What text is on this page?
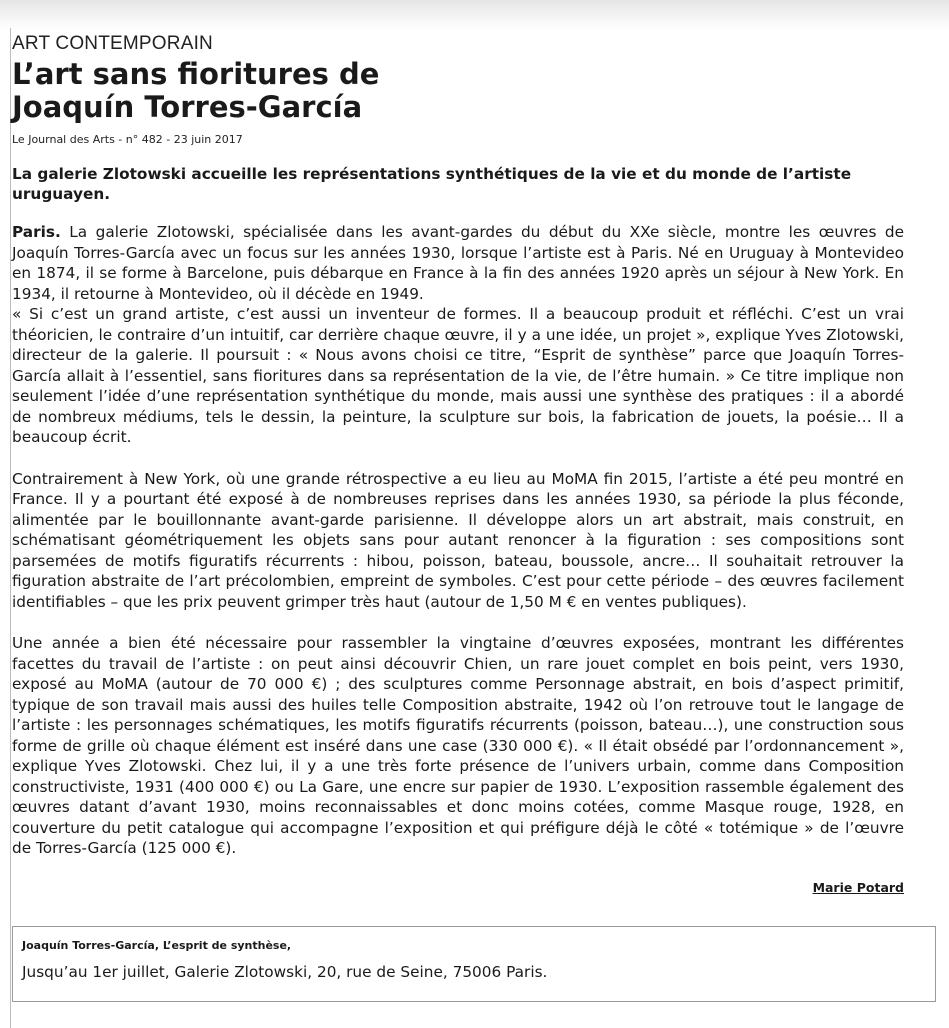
ART CONTEMPORAIN
L’art sans fioritures de
Joaquín Torres-García
Le Journal des Arts - n° 482 - 23 juin 2017
La galerie Zlotowski accueille les représentations synthétiques de la vie et du monde de l’artiste uruguayen.

Paris. La galerie Zlotowski, spécialisée dans les avant-gardes du début du XXe siècle, montre les œuvres de Joaquín Torres-García avec un focus sur les années 1930, lorsque l’artiste est à Paris. Né en Uruguay à Montevideo en 1874, il se forme à Barcelone, puis débarque en France à la fin des années 1920 après un séjour à New York. En 1934, il retourne à Montevideo, où il décède en 1949.

« Si c’est un grand artiste, c’est aussi un inventeur de formes. Il a beaucoup produit et réfléchi. C’est un vrai théoricien, le contraire d’un intuitif, car derrière chaque œuvre, il y a une idée, un projet », explique Yves Zlotowski, directeur de la galerie. Il poursuit : « Nous avons choisi ce titre, “Esprit de synthèse” parce que Joaquín Torres-García allait à l’essentiel, sans fioritures dans sa représentation de la vie, de l’être humain. » Ce titre implique non seulement l’idée d’une représentation synthétique du monde, mais aussi une synthèse des pratiques : il a abordé de nombreux médiums, tels le dessin, la peinture, la sculpture sur bois, la fabrication de jouets, la poésie… Il a beaucoup écrit.

Contrairement à New York, où une grande rétrospective a eu lieu au MoMA fin 2015, l’artiste a été peu montré en France. Il y a pourtant été exposé à de nombreuses reprises dans les années 1930, sa période la plus féconde, alimentée par le bouillonnante avant-garde parisienne. Il développe alors un art abstrait, mais construit, en schématisant géométriquement les objets sans pour autant renoncer à la figuration : ses compositions sont parsemées de motifs figuratifs récurrents : hibou, poisson, bateau, boussole, ancre… Il souhaitait retrouver la figuration abstraite de l’art précolombien, empreint de symboles. C’est pour cette période – des œuvres facilement identifiables – que les prix peuvent grimper très haut (autour de 1,50 M € en ventes publiques).

Une année a bien été nécessaire pour rassembler la vingtaine d’œuvres exposées, montrant les différentes facettes du travail de l’artiste : on peut ainsi découvrir Chien, un rare jouet complet en bois peint, vers 1930, exposé au MoMA (autour de 70 000 €) ; des sculptures comme Personnage abstrait, en bois d’aspect primitif, typique de son travail mais aussi des huiles telle Composition abstraite, 1942 où l’on retrouve tout le langage de l’artiste : les personnages schématiques, les motifs figuratifs récurrents (poisson, bateau…), une construction sous forme de grille où chaque élément est inséré dans une case (330 000 €). « Il était obsédé par l’ordonnancement », explique Yves Zlotowski. Chez lui, il y a une très forte présence de l’univers urbain, comme dans Composition constructiviste, 1931 (400 000 €) ou La Gare, une encre sur papier de 1930. L’exposition rassemble également des œuvres datant d’avant 1930, moins reconnaissables et donc moins cotées, comme Masque rouge, 1928, en couverture du petit catalogue qui accompagne l’exposition et qui préfigure déjà le côté « totémique » de l’œuvre de Torres-García (125 000 €).

Marie Potard
Joaquín Torres-García, L’esprit de synthèse,
Jusqu’au 1er juillet, Galerie Zlotowski, 20, rue de Seine, 75006 Paris.
